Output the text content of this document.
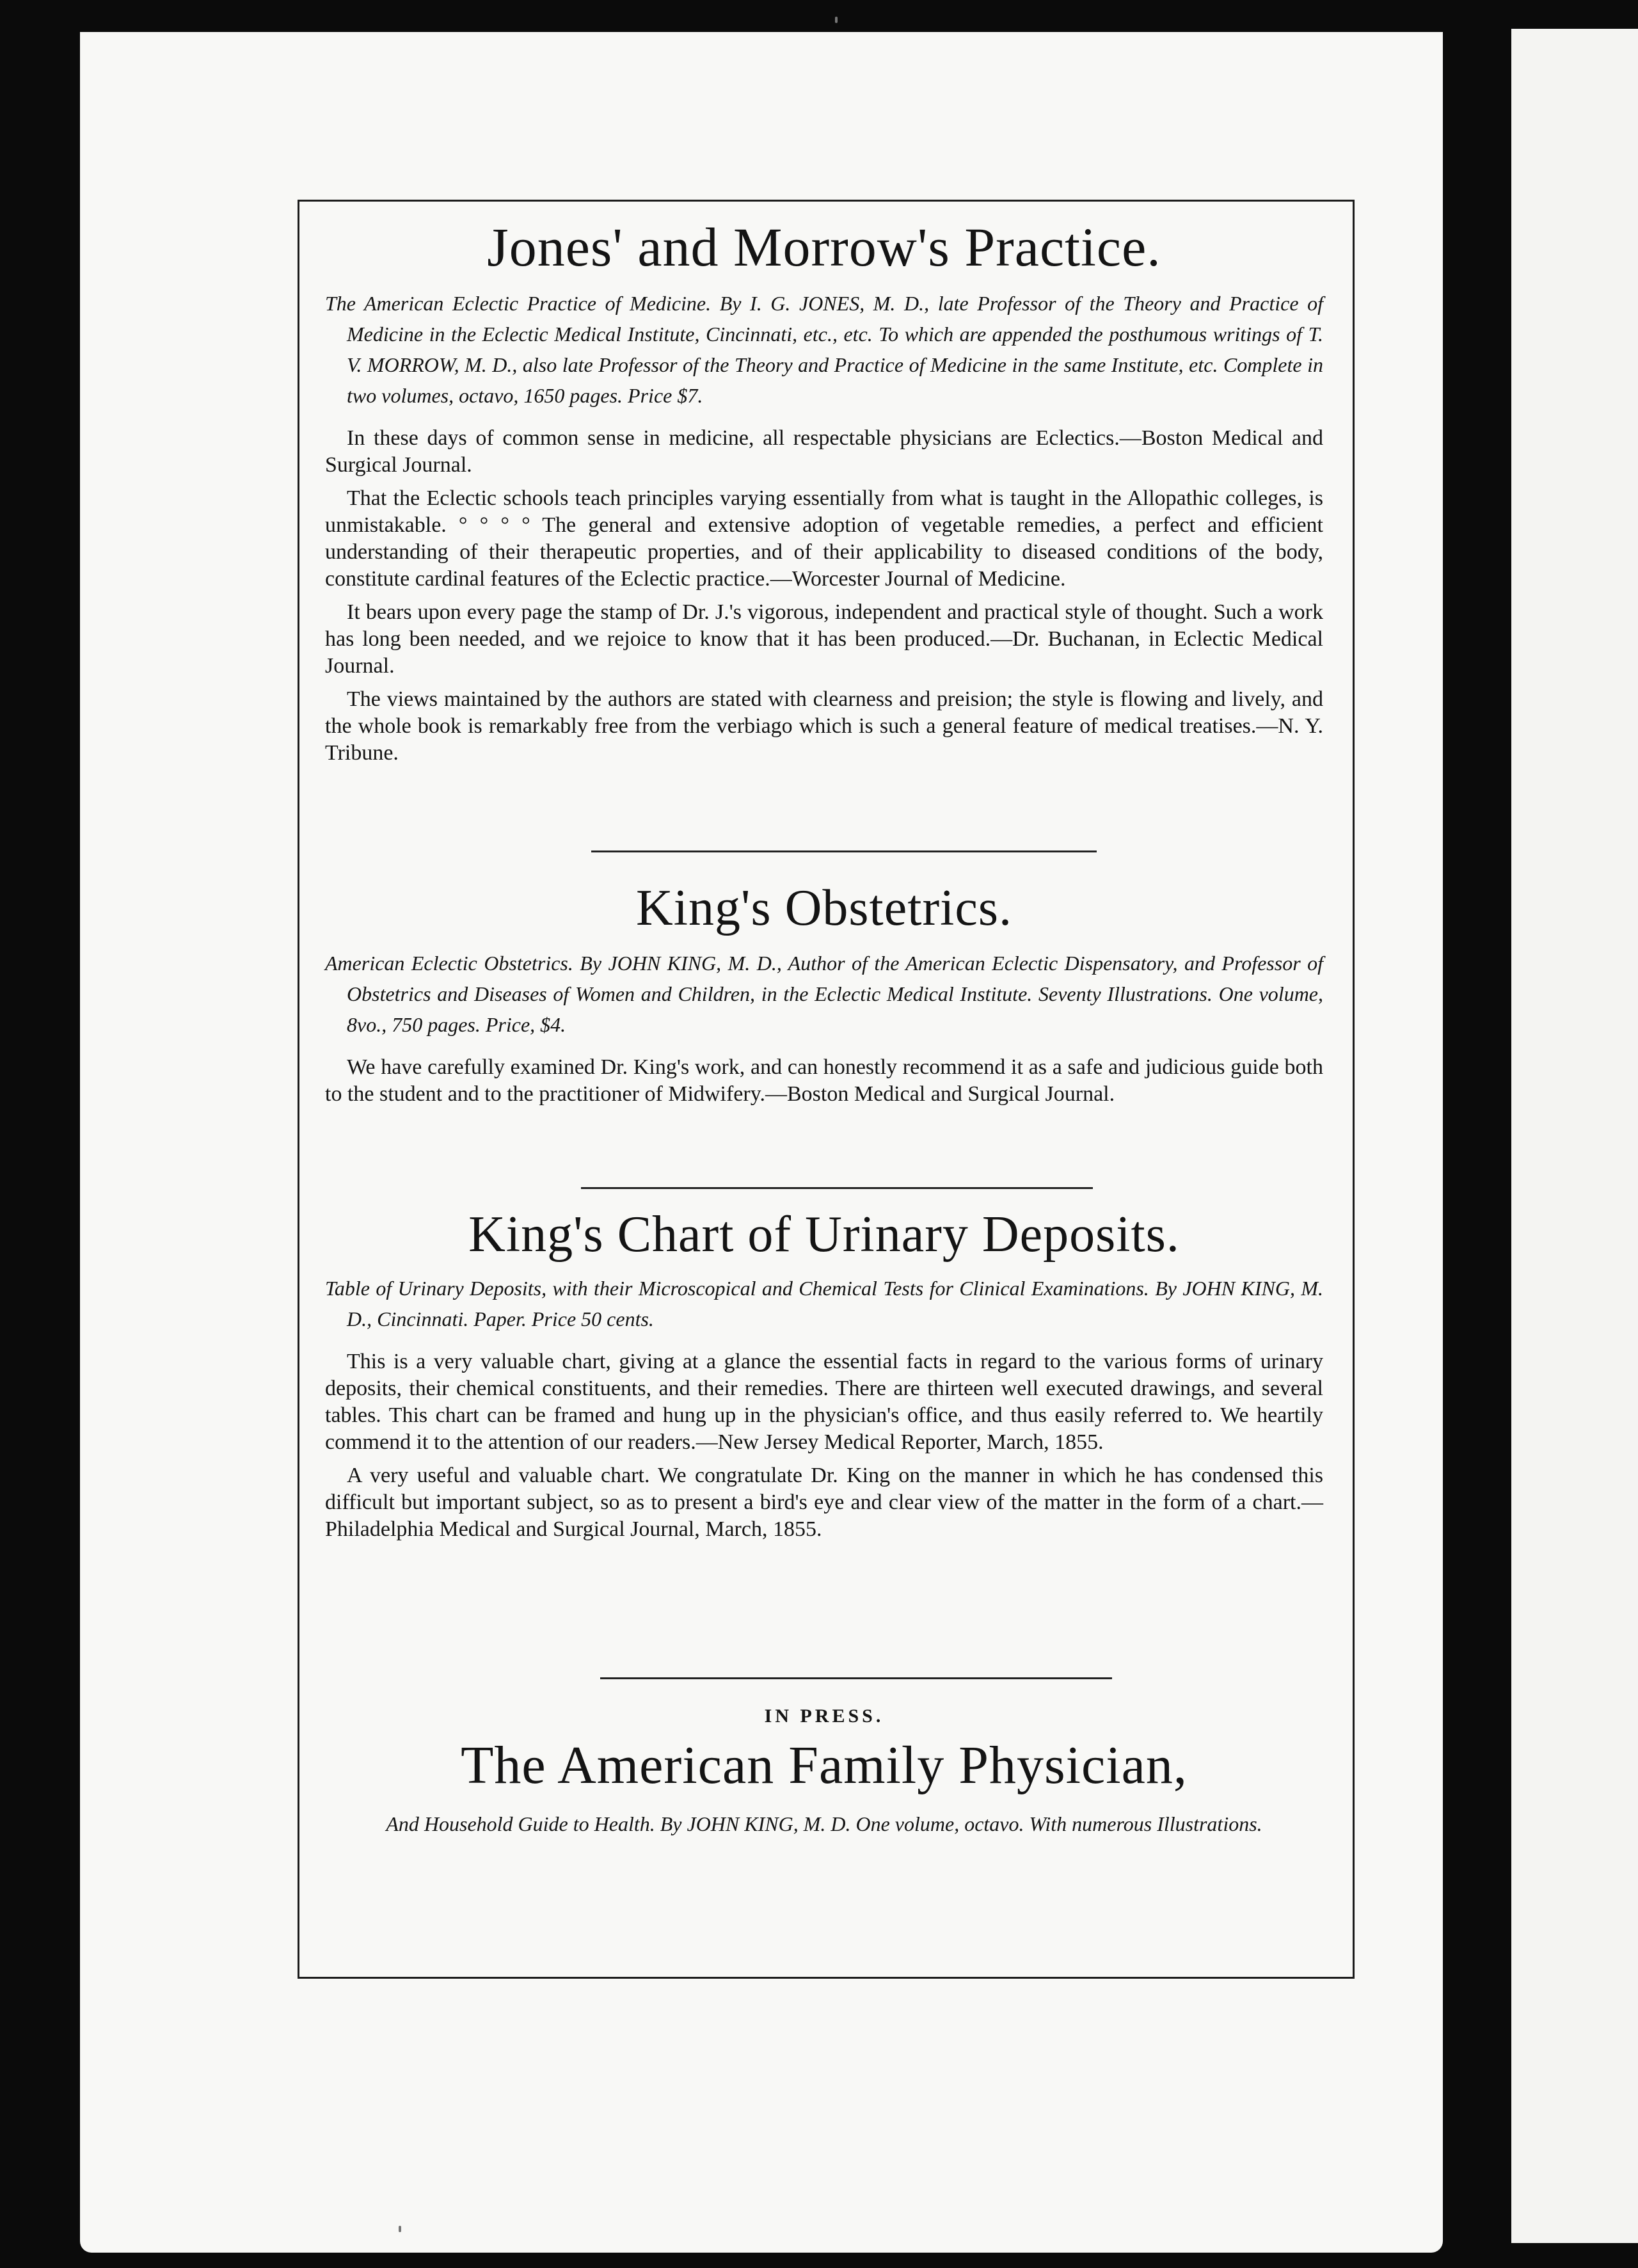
Jones' and Morrow's Practice.

The American Eclectic Practice of Medicine. By I. G. JONES, M. D., late Professor of the Theory and Practice of Medicine in the Eclectic Medical Institute, Cincinnati, etc., etc. To which are appended the posthumous writings of T. V. MORROW, M. D., also late Professor of the Theory and Practice of Medicine in the same Institute, etc. Complete in two volumes, octavo, 1650 pages. Price $7.

In these days of common sense in medicine, all respectable physicians are Eclectics.—Boston Medical and Surgical Journal.

That the Eclectic schools teach principles varying essentially from what is taught in the Allopathic colleges, is unmistakable. ° ° ° ° The general and extensive adoption of vegetable remedies, a perfect and efficient understanding of their therapeutic properties, and of their applicability to diseased conditions of the body, constitute cardinal features of the Eclectic practice.—Worcester Journal of Medicine.

It bears upon every page the stamp of Dr. J.'s vigorous, independent and practical style of thought. Such a work has long been needed, and we rejoice to know that it has been produced.—Dr. Buchanan, in Eclectic Medical Journal.

The views maintained by the authors are stated with clearness and preision; the style is flowing and lively, and the whole book is remarkably free from the verbiago which is such a general feature of medical treatises.—N. Y. Tribune.

King's Obstetrics.

American Eclectic Obstetrics. By JOHN KING, M. D., Author of the American Eclectic Dispensatory, and Professor of Obstetrics and Diseases of Women and Children, in the Eclectic Medical Institute. Seventy Illustrations. One volume, 8vo., 750 pages. Price, $4.

We have carefully examined Dr. King's work, and can honestly recommend it as a safe and judicious guide both to the student and to the practitioner of Midwifery.—Boston Medical and Surgical Journal.

King's Chart of Urinary Deposits.

Table of Urinary Deposits, with their Microscopical and Chemical Tests for Clinical Examinations. By JOHN KING, M. D., Cincinnati. Paper. Price 50 cents.

This is a very valuable chart, giving at a glance the essential facts in regard to the various forms of urinary deposits, their chemical constituents, and their remedies. There are thirteen well executed drawings, and several tables. This chart can be framed and hung up in the physician's office, and thus easily referred to. We heartily commend it to the attention of our readers.—New Jersey Medical Reporter, March, 1855.

A very useful and valuable chart. We congratulate Dr. King on the manner in which he has condensed this difficult but important subject, so as to present a bird's eye and clear view of the matter in the form of a chart.—Philadelphia Medical and Surgical Journal, March, 1855.

IN PRESS.

The American Family Physician,

And Household Guide to Health. By JOHN KING, M. D. One volume, octavo. With numerous Illustrations.
